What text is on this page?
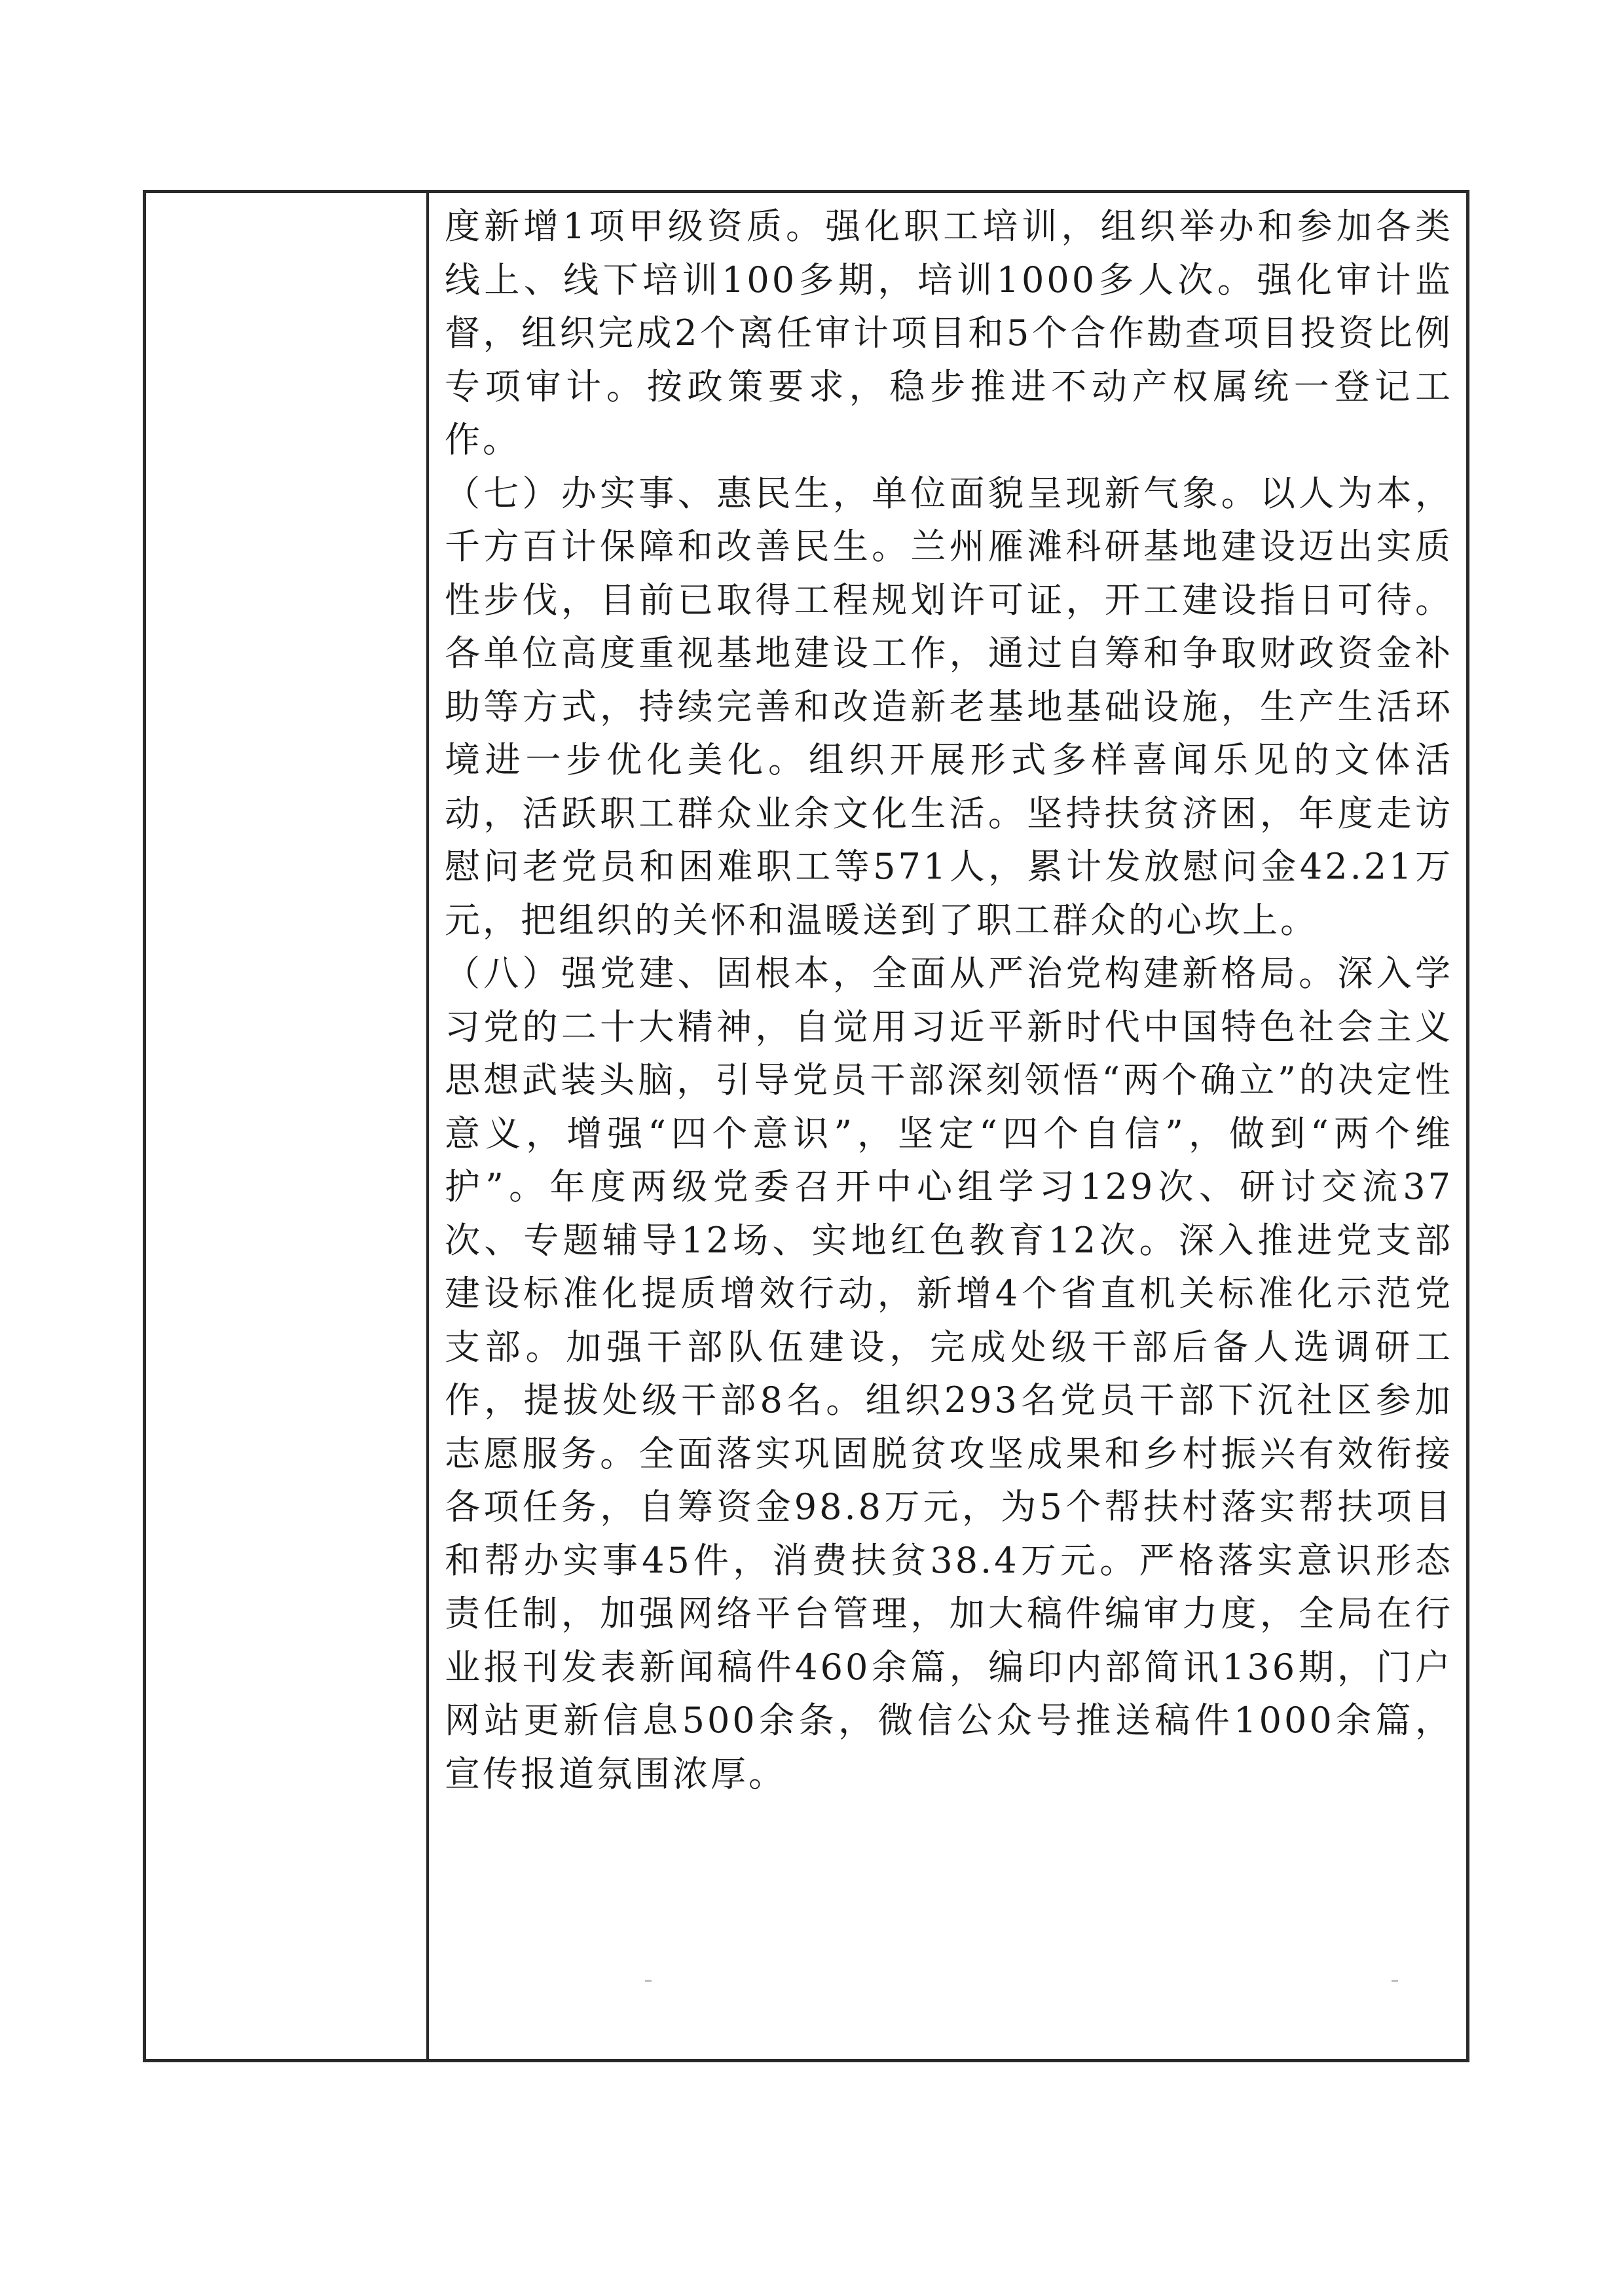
度新增1项甲级资质。强化职工培训，组织举办和参加各类线上、线下培训100多期，培训1000多人次。强化审计监督，组织完成2个离任审计项目和5个合作勘查项目投资比例专项审计。按政策要求，稳步推进不动产权属统一登记工作。
（七）办实事、惠民生，单位面貌呈现新气象。以人为本，千方百计保障和改善民生。兰州雁滩科研基地建设迈出实质性步伐，目前已取得工程规划许可证，开工建设指日可待。各单位高度重视基地建设工作，通过自筹和争取财政资金补助等方式，持续完善和改造新老基地基础设施，生产生活环境进一步优化美化。组织开展形式多样喜闻乐见的文体活动，活跃职工群众业余文化生活。坚持扶贫济困，年度走访慰问老党员和困难职工等571人，累计发放慰问金42.21万元，把组织的关怀和温暖送到了职工群众的心坎上。
（八）强党建、固根本，全面从严治党构建新格局。深入学习党的二十大精神，自觉用习近平新时代中国特色社会主义思想武装头脑，引导党员干部深刻领悟“两个确立”的决定性意义，增强“四个意识”，坚定“四个自信”，做到“两个维护”。年度两级党委召开中心组学习129次、研讨交流37次、专题辅导12场、实地红色教育12次。深入推进党支部建设标准化提质增效行动，新增4个省直机关标准化示范党支部。加强干部队伍建设，完成处级干部后备人选调研工作，提拔处级干部8名。组织293名党员干部下沉社区参加志愿服务。全面落实巩固脱贫攻坚成果和乡村振兴有效衔接各项任务，自筹资金98.8万元，为5个帮扶村落实帮扶项目和帮办实事45件，消费扶贫38.4万元。严格落实意识形态责任制，加强网络平台管理，加大稿件编审力度，全局在行业报刊发表新闻稿件460余篇，编印内部简讯136期，门户网站更新信息500余条，微信公众号推送稿件1000余篇，宣传报道氛围浓厚。
